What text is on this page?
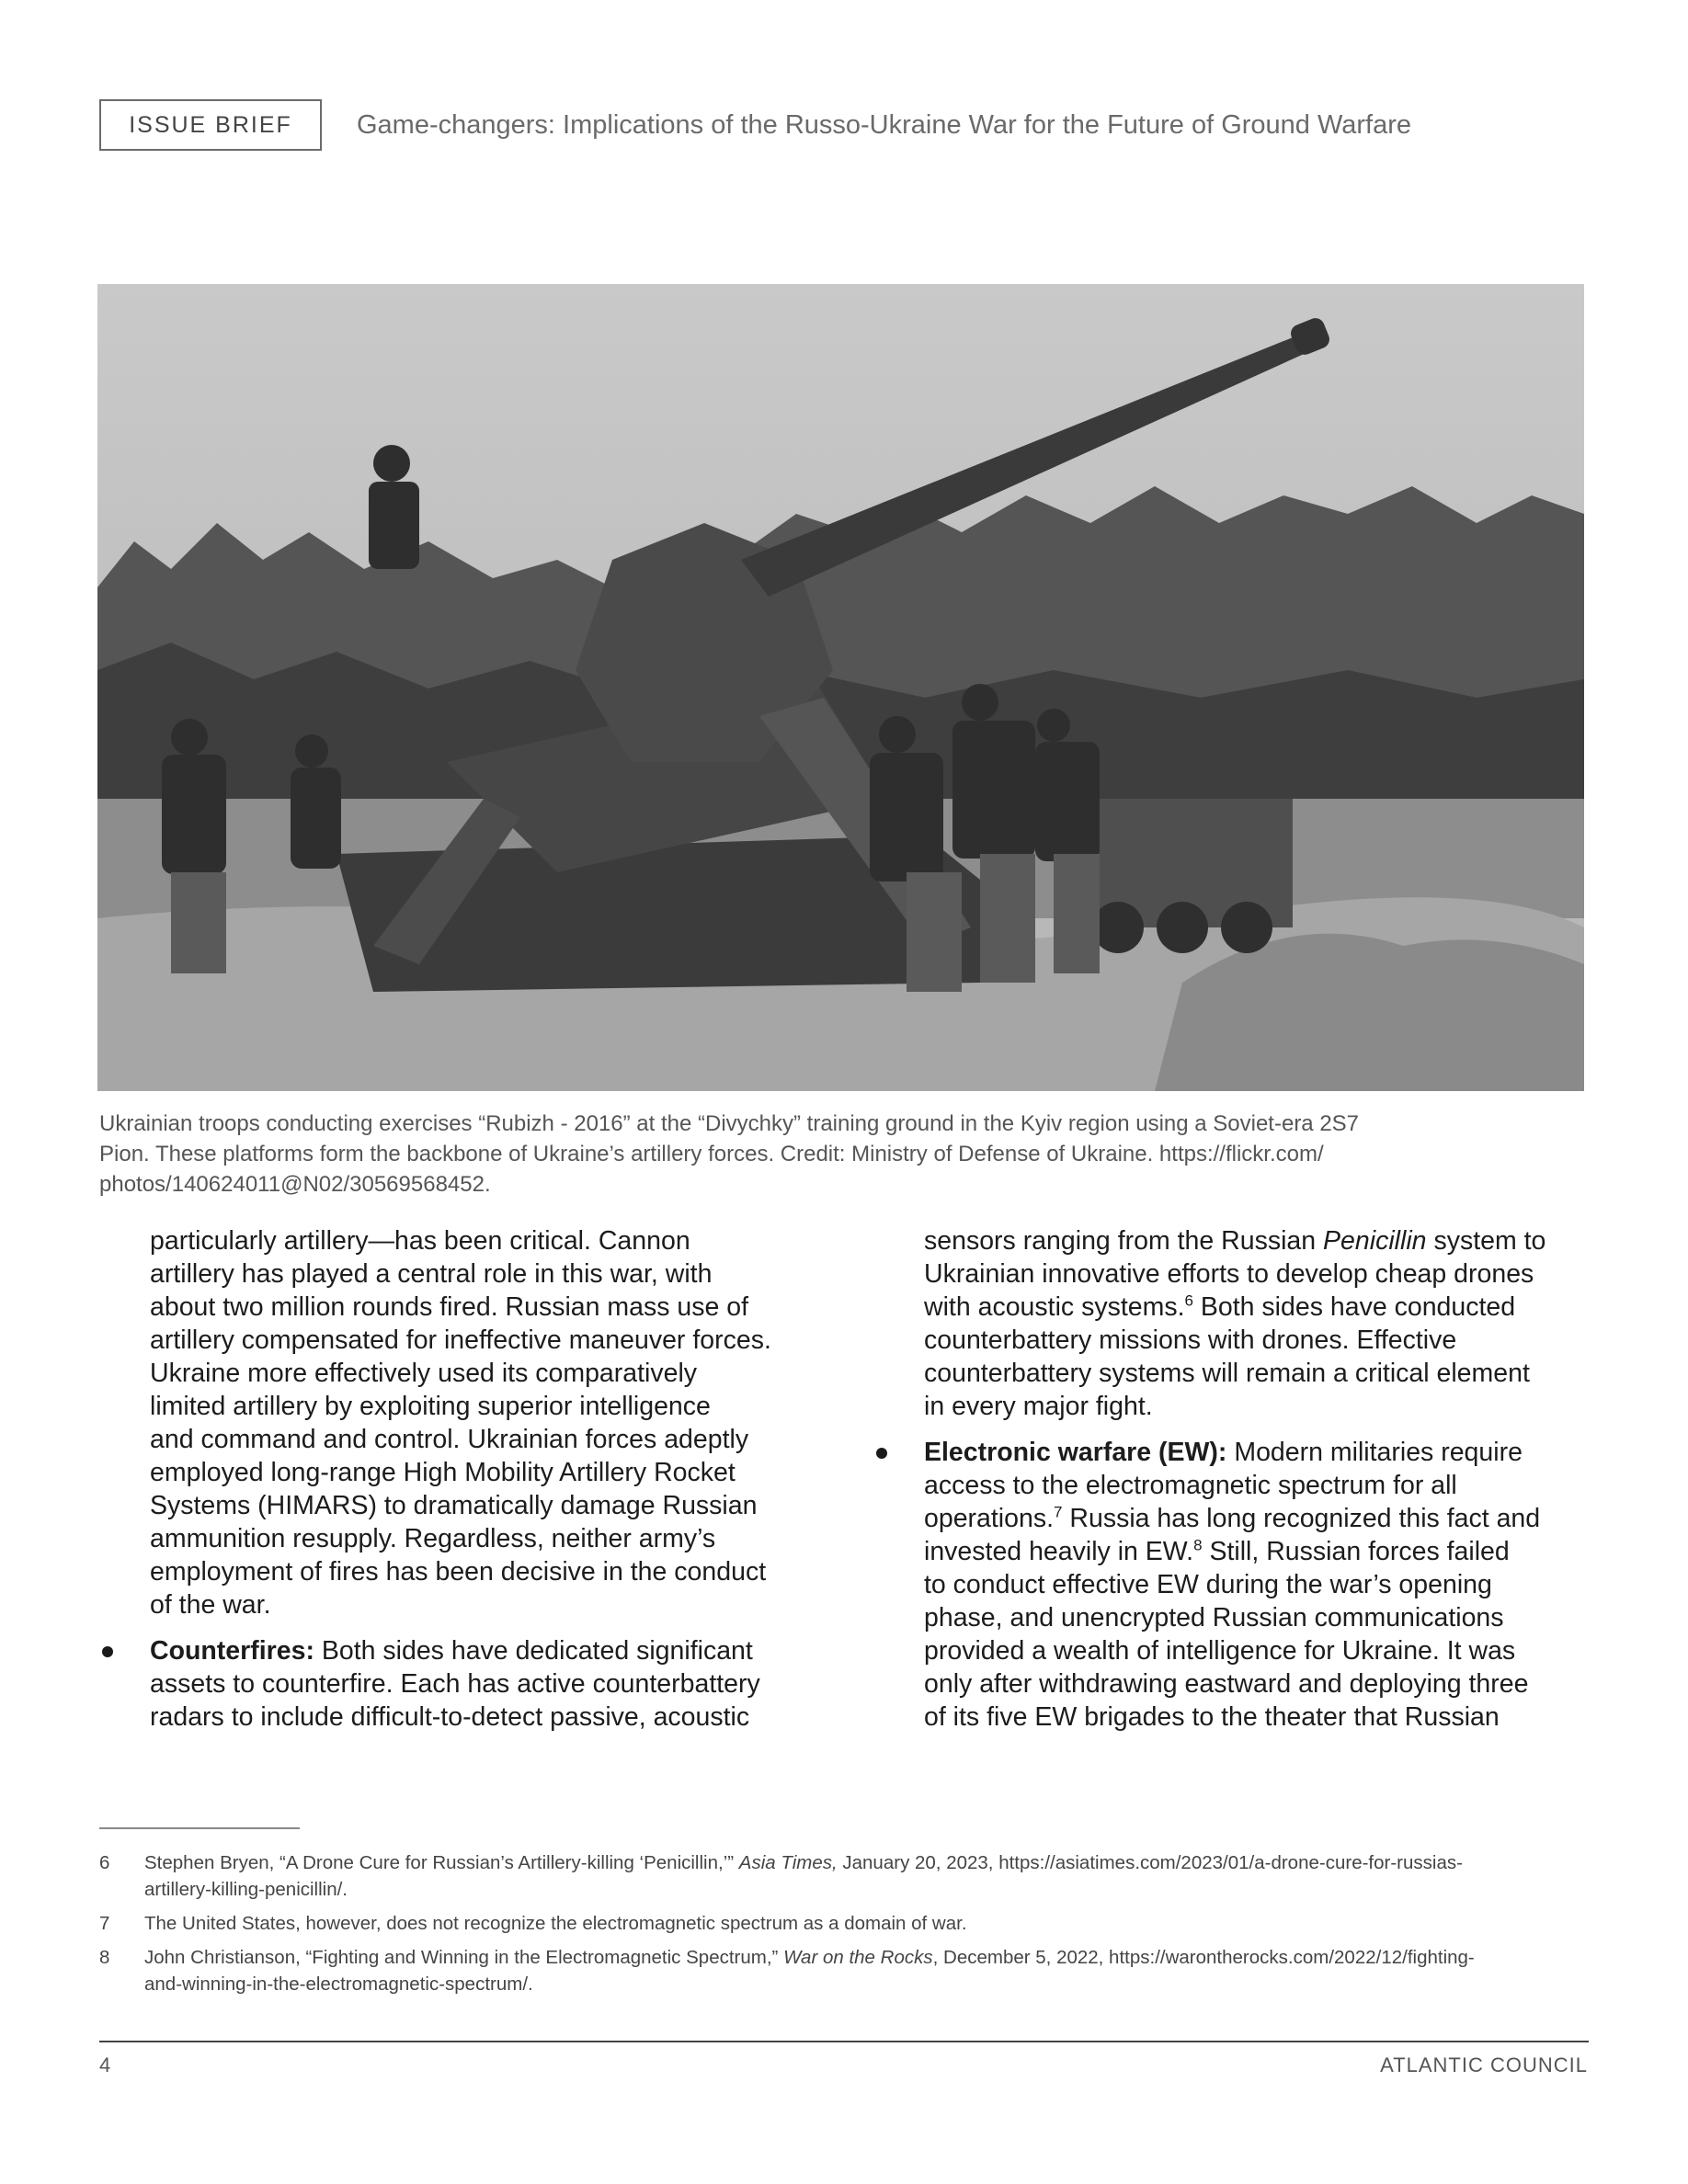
ISSUE BRIEF	Game-changers: Implications of the Russo-Ukraine War for the Future of Ground Warfare

Ukrainian troops conducting exercises “Rubizh - 2016” at the “Divychky” training ground in the Kyiv region using a Soviet-era 2S7

Pion. These platforms form the backbone of Ukraine’s artillery forces. Credit: Ministry of Defense of Ukraine. https://flickr.com/

photos/140624011@N02/30569568452.

particularly artillery—has been critical. Cannon

artillery has played a central role in this war, with

about two million rounds fired. Russian mass use of

artillery compensated for ineffective maneuver forces.

Ukraine more effectively used its comparatively

limited artillery by exploiting superior intelligence

and command and control. Ukrainian forces adeptly

employed long-range High Mobility Artillery Rocket

Systems (HIMARS) to dramatically damage Russian

ammunition resupply. Regardless, neither army’s

employment of fires has been decisive in the conduct

of the war.

Counterfires: Both sides have dedicated significant

assets to counterfire. Each has active counterbattery

radars to include difficult-to-detect passive, acoustic

sensors ranging from the Russian Penicillin system to

Ukrainian innovative efforts to develop cheap drones

with acoustic systems.$^6$ Both sides have conducted

counterbattery missions with drones. Effective

counterbattery systems will remain a critical element

in every major fight.

Electronic warfare (EW): Modern militaries require

access to the electromagnetic spectrum for all

operations.$^7$ Russia has long recognized this fact and

invested heavily in EW.$^8$ Still, Russian forces failed

to conduct effective EW during the war’s opening

phase, and unencrypted Russian communications

provided a wealth of intelligence for Ukraine. It was

only after withdrawing eastward and deploying three

of its five EW brigades to the theater that Russian

6	Stephen Bryen, “A Drone Cure for Russian’s Artillery-killing ‘Penicillin,’” Asia Times, January 20, 2023, https://asiatimes.com/2023/01/a-drone-cure-for-russias-
artillery-killing-penicillin/.
7	The United States, however, does not recognize the electromagnetic spectrum as a domain of war.
8	John Christianson, “Fighting and Winning in the Electromagnetic Spectrum,” War on the Rocks, December 5, 2022, https://warontherocks.com/2022/12/fighting-
and-winning-in-the-electromagnetic-spectrum/.
4	ATLANTIC COUNCIL
